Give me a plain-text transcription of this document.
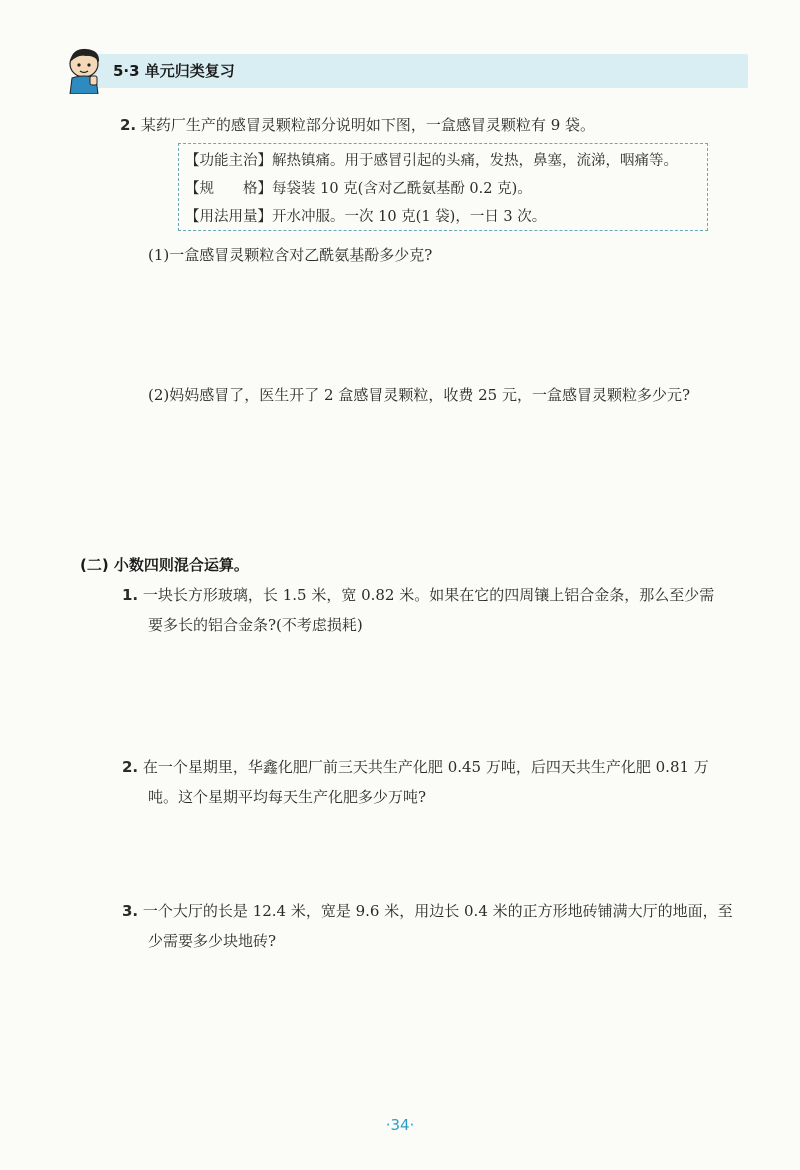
5·3 单元归类复习
2. 某药厂生产的感冒灵颗粒部分说明如下图，一盒感冒灵颗粒有 9 袋。
【功能主治】解热镇痛。用于感冒引起的头痛，发热，鼻塞，流涕，咽痛等。
【规　　格】每袋装 10 克(含对乙酰氨基酚 0.2 克)。
【用法用量】开水冲服。一次 10 克(1 袋)，一日 3 次。
(1)一盒感冒灵颗粒含对乙酰氨基酚多少克?
(2)妈妈感冒了，医生开了 2 盒感冒灵颗粒，收费 25 元，一盒感冒灵颗粒多少元?
(二) 小数四则混合运算。
1. 一块长方形玻璃，长 1.5 米，宽 0.82 米。如果在它的四周镶上铝合金条，那么至少需
要多长的铝合金条?(不考虑损耗)
2. 在一个星期里，华鑫化肥厂前三天共生产化肥 0.45 万吨，后四天共生产化肥 0.81 万
吨。这个星期平均每天生产化肥多少万吨?
3. 一个大厅的长是 12.4 米，宽是 9.6 米，用边长 0.4 米的正方形地砖铺满大厅的地面，至
少需要多少块地砖?
·34·
